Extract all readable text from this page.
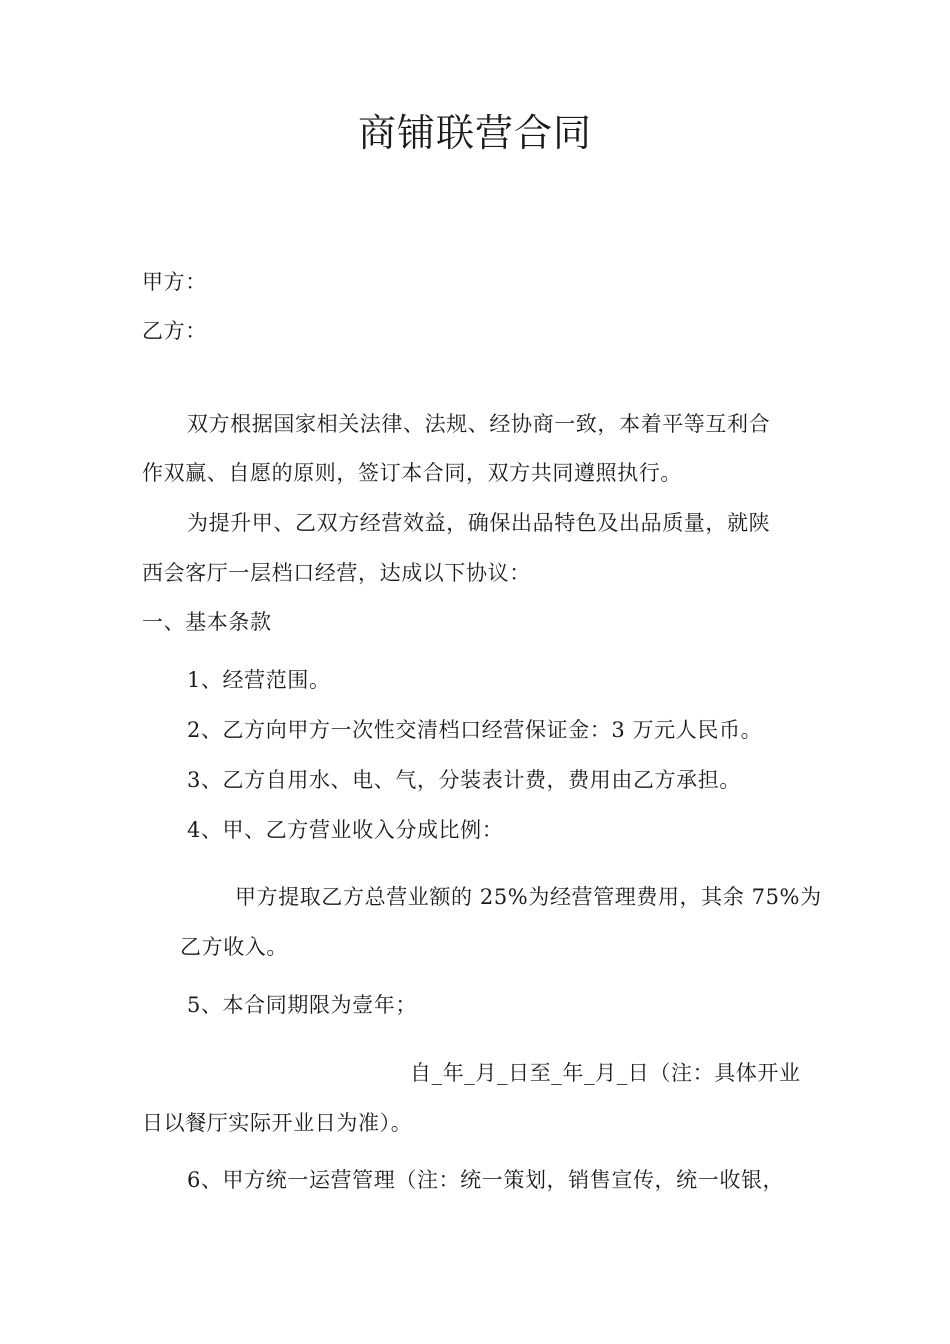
商铺联营合同
甲方：
乙方：
双方根据国家相关法律、法规、经协商一致，本着平等互利合
作双赢、自愿的原则，签订本合同，双方共同遵照执行。
为提升甲、乙双方经营效益，确保出品特色及出品质量，就陕
西会客厅一层档口经营，达成以下协议：
一、基本条款
1、经营范围。
2、乙方向甲方一次性交清档口经营保证金：3 万元人民币。
3、乙方自用水、电、气，分装表计费，费用由乙方承担。
4、甲、乙方营业收入分成比例：
甲方提取乙方总营业额的 25%为经营管理费用，其余 75%为
乙方收入。
5、本合同期限为壹年；
自_年_月_日至_年_月_日（注：具体开业
日以餐厅实际开业日为准）。
6、甲方统一运营管理（注：统一策划，销售宣传，统一收银，
